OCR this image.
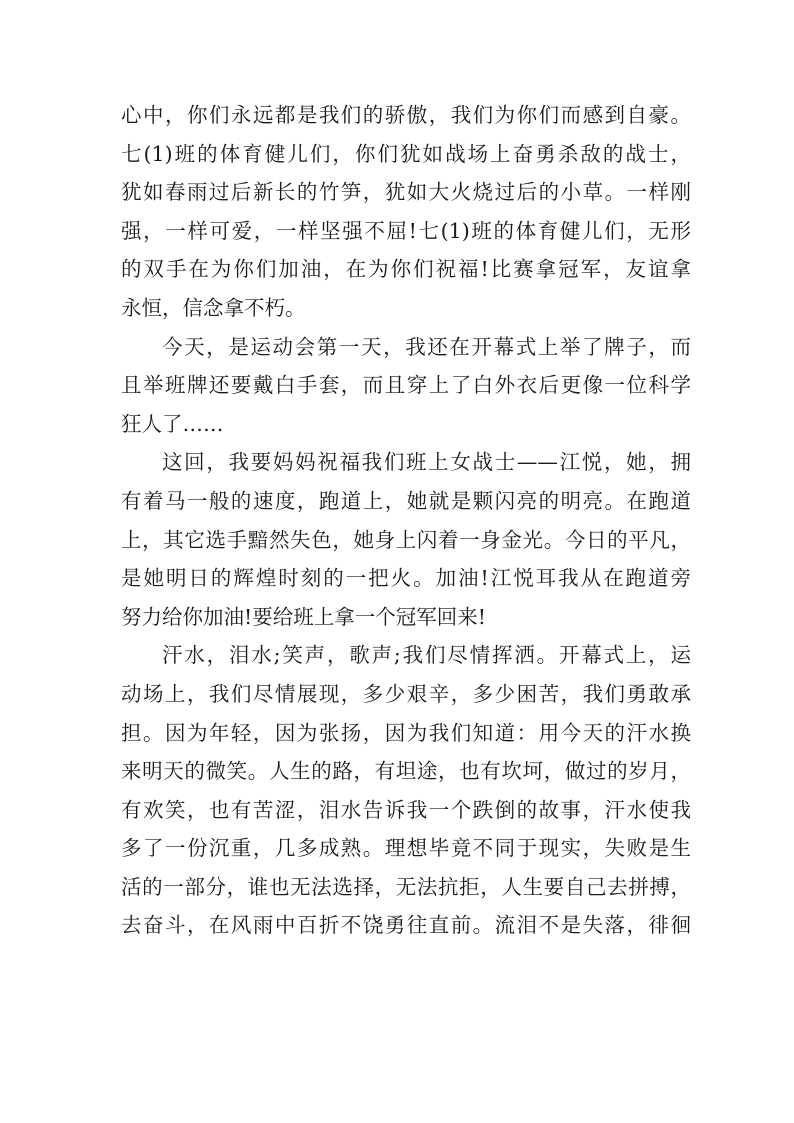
心中，你们永远都是我们的骄傲，我们为你们而感到自豪。
七(1)班的体育健儿们，你们犹如战场上奋勇杀敌的战士，
犹如春雨过后新长的竹笋，犹如大火烧过后的小草。一样刚
强，一样可爱，一样坚强不屈!七(1)班的体育健儿们，无形
的双手在为你们加油，在为你们祝福!比赛拿冠军，友谊拿
永恒，信念拿不朽。
今天，是运动会第一天，我还在开幕式上举了牌子，而
且举班牌还要戴白手套，而且穿上了白外衣后更像一位科学
狂人了……
这回，我要妈妈祝福我们班上女战士——江悦，她，拥
有着马一般的速度，跑道上，她就是颗闪亮的明亮。在跑道
上，其它选手黯然失色，她身上闪着一身金光。今日的平凡，
是她明日的辉煌时刻的一把火。加油!江悦耳我从在跑道旁
努力给你加油!要给班上拿一个冠军回来!
汗水，泪水;笑声，歌声;我们尽情挥洒。开幕式上，运
动场上，我们尽情展现，多少艰辛，多少困苦，我们勇敢承
担。因为年轻，因为张扬，因为我们知道：用今天的汗水换
来明天的微笑。人生的路，有坦途，也有坎坷，做过的岁月，
有欢笑，也有苦涩，泪水告诉我一个跌倒的故事，汗水使我
多了一份沉重，几多成熟。理想毕竟不同于现实，失败是生
活的一部分，谁也无法选择，无法抗拒，人生要自己去拼搏，
去奋斗，在风雨中百折不饶勇往直前。流泪不是失落，徘徊
